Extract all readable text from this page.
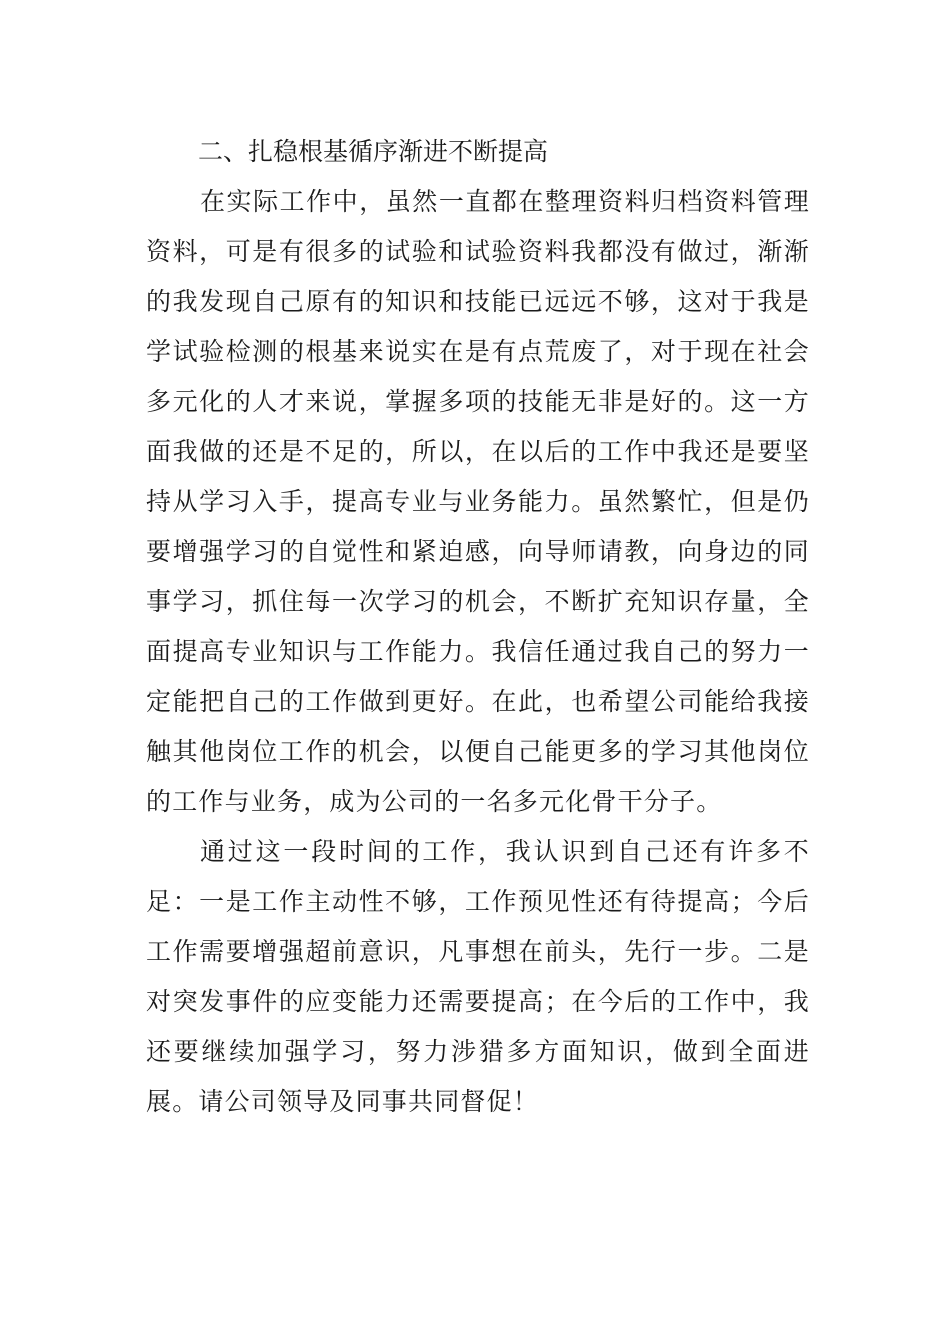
二、扎稳根基循序渐进不断提高

在实际工作中，虽然一直都在整理资料归档资料管理资料，可是有很多的试验和试验资料我都没有做过，渐渐的我发现自己原有的知识和技能已远远不够，这对于我是学试验检测的根基来说实在是有点荒废了，对于现在社会多元化的人才来说，掌握多项的技能无非是好的。这一方面我做的还是不足的，所以，在以后的工作中我还是要坚持从学习入手，提高专业与业务能力。虽然繁忙，但是仍要增强学习的自觉性和紧迫感，向导师请教，向身边的同事学习，抓住每一次学习的机会，不断扩充知识存量，全面提高专业知识与工作能力。我信任通过我自己的努力一定能把自己的工作做到更好。在此，也希望公司能给我接触其他岗位工作的机会，以便自己能更多的学习其他岗位的工作与业务，成为公司的一名多元化骨干分子。

通过这一段时间的工作，我认识到自己还有许多不足：一是工作主动性不够，工作预见性还有待提高；今后工作需要增强超前意识，凡事想在前头，先行一步。二是对突发事件的应变能力还需要提高；在今后的工作中，我还要继续加强学习，努力涉猎多方面知识，做到全面进展。请公司领导及同事共同督促！
